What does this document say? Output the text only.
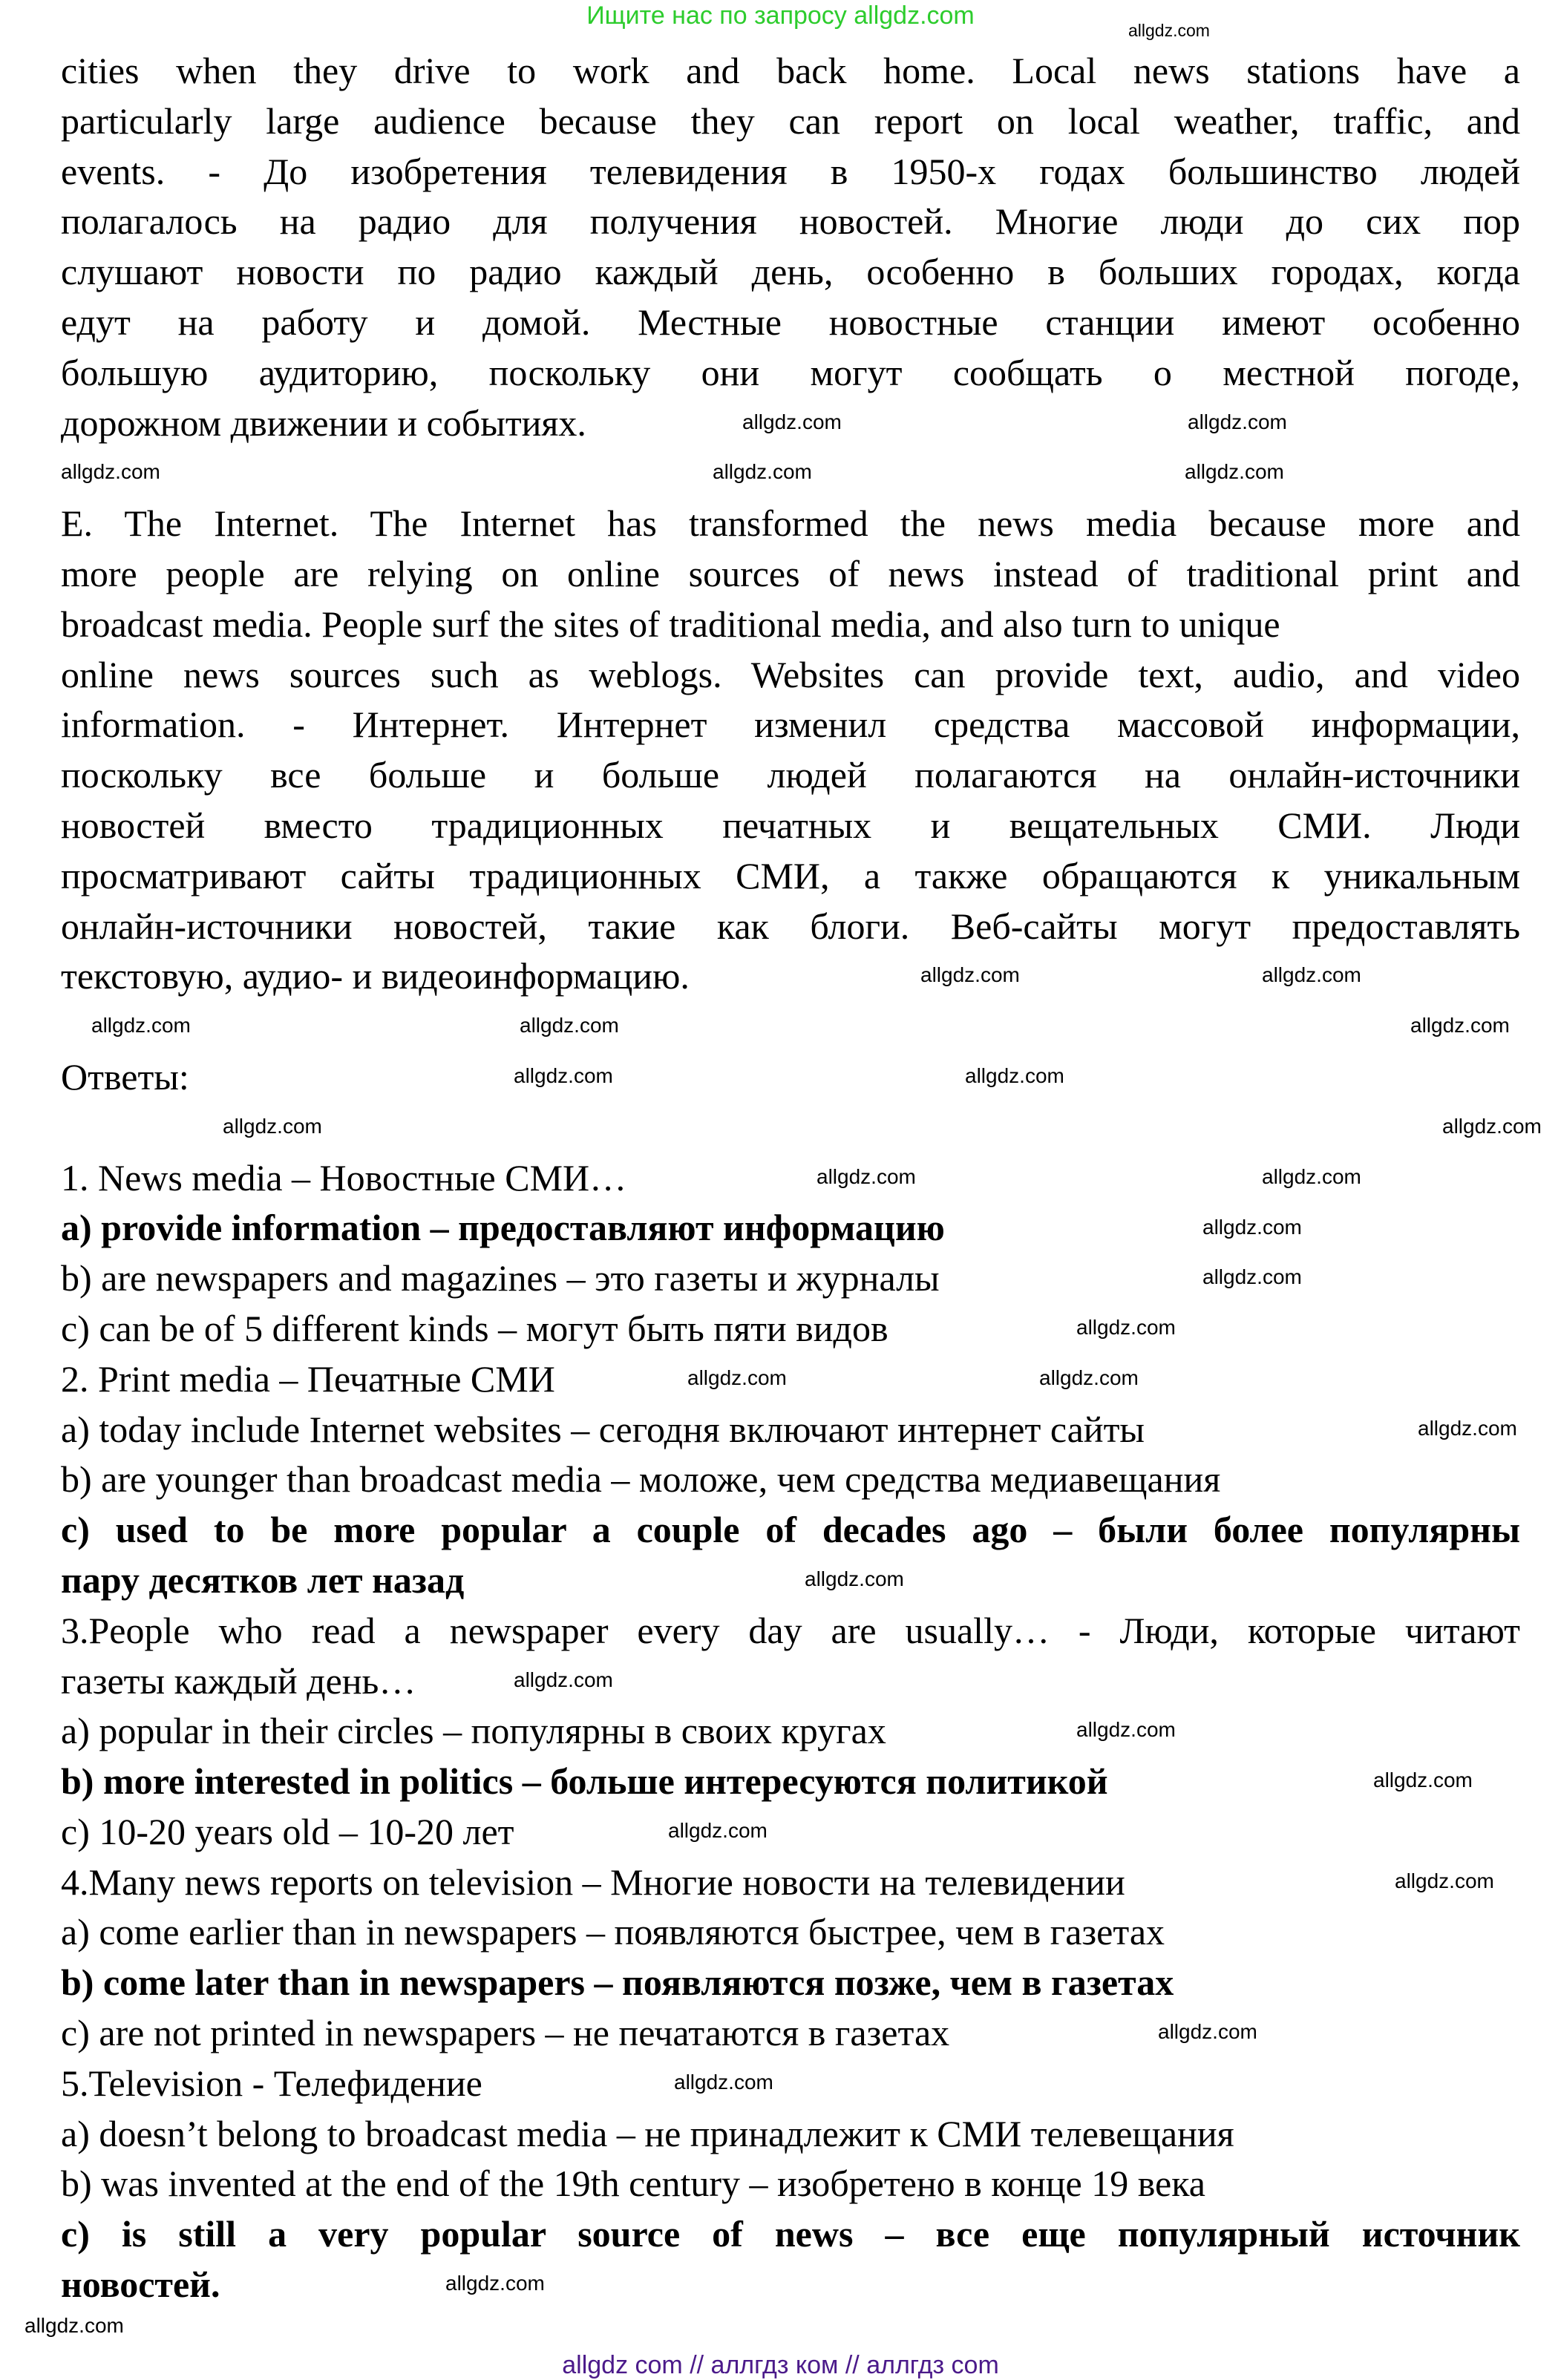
Ищите нас по запросу allgdz.com
cities when they drive to work and back home. Local news stations have a
particularly large audience because they can report on local weather, traffic, and
events. - До изобретения телевидения в 1950-х годах большинство людей
полагалось на радио для получения новостей. Многие люди до сих пор
слушают новости по радио каждый день, особенно в больших городах, когда
едут на работу и домой. Местные новостные станции имеют особенно
большую аудиторию, поскольку они могут сообщать о местной погоде,
дорожном движении и событиях.
E. The Internet. The Internet has transformed the news media because more and
more people are relying on online sources of news instead of traditional print and
broadcast media. People surf the sites of traditional media, and also turn to unique
online news sources such as weblogs. Websites can provide text, audio, and video
information. - Интернет. Интернет изменил средства массовой информации,
поскольку все больше и больше людей полагаются на онлайн-источники
новостей вместо традиционных печатных и вещательных СМИ. Люди
просматривают сайты традиционных СМИ, а также обращаются к уникальным
онлайн-источники новостей, такие как блоги. Веб-сайты могут предоставлять
текстовую, аудио- и видеоинформацию.
Ответы:
1. News media – Новостные СМИ…
a) provide information – предоставляют информацию
b) are newspapers and magazines – это газеты и журналы
c) can be of 5 different kinds – могут быть пяти видов
2. Print media – Печатные СМИ
a) today include Internet websites – сегодня включают интернет сайты
b) are younger than broadcast media – моложе, чем средства медиавещания
c) used to be more popular a couple of decades ago – были более популярны
пару десятков лет назад
3.People who read a newspaper every day are usually… - Люди, которые читают
газеты каждый день…
a) popular in their circles – популярны в своих кругах
b) more interested in politics – больше интересуются политикой
c) 10-20 years old – 10-20 лет
4.Many news reports on television – Многие новости на телевидении
a) come earlier than in newspapers – появляются быстрее, чем в газетах
b) come later than in newspapers – появляются позже, чем в газетах
c) are not printed in newspapers – не печатаются в газетах
5.Television - Телефидение
a) doesn’t belong to broadcast media – не принадлежит к СМИ телевещания
b) was invented at the end of the 19th century – изобретено в конце 19 века
c) is still a very popular source of news – все еще популярный источник
новостей.
allgdz.com
allgdz.com	allgdz.com
allgdz.com	allgdz.com	allgdz.com
allgdz.com	allgdz.com
allgdz.com	allgdz.com	allgdz.com
allgdz.com	allgdz.com
allgdz.com	allgdz.com
allgdz.com	allgdz.com
allgdz.com
allgdz.com
allgdz.com
allgdz.com	allgdz.com
allgdz.com
allgdz.com
allgdz.com
allgdz.com
allgdz.com
allgdz.com
allgdz.com
allgdz.com
allgdz.com
allgdz.com
allgdz.com
allgdz com // аллгдз ком // аллгдз com
